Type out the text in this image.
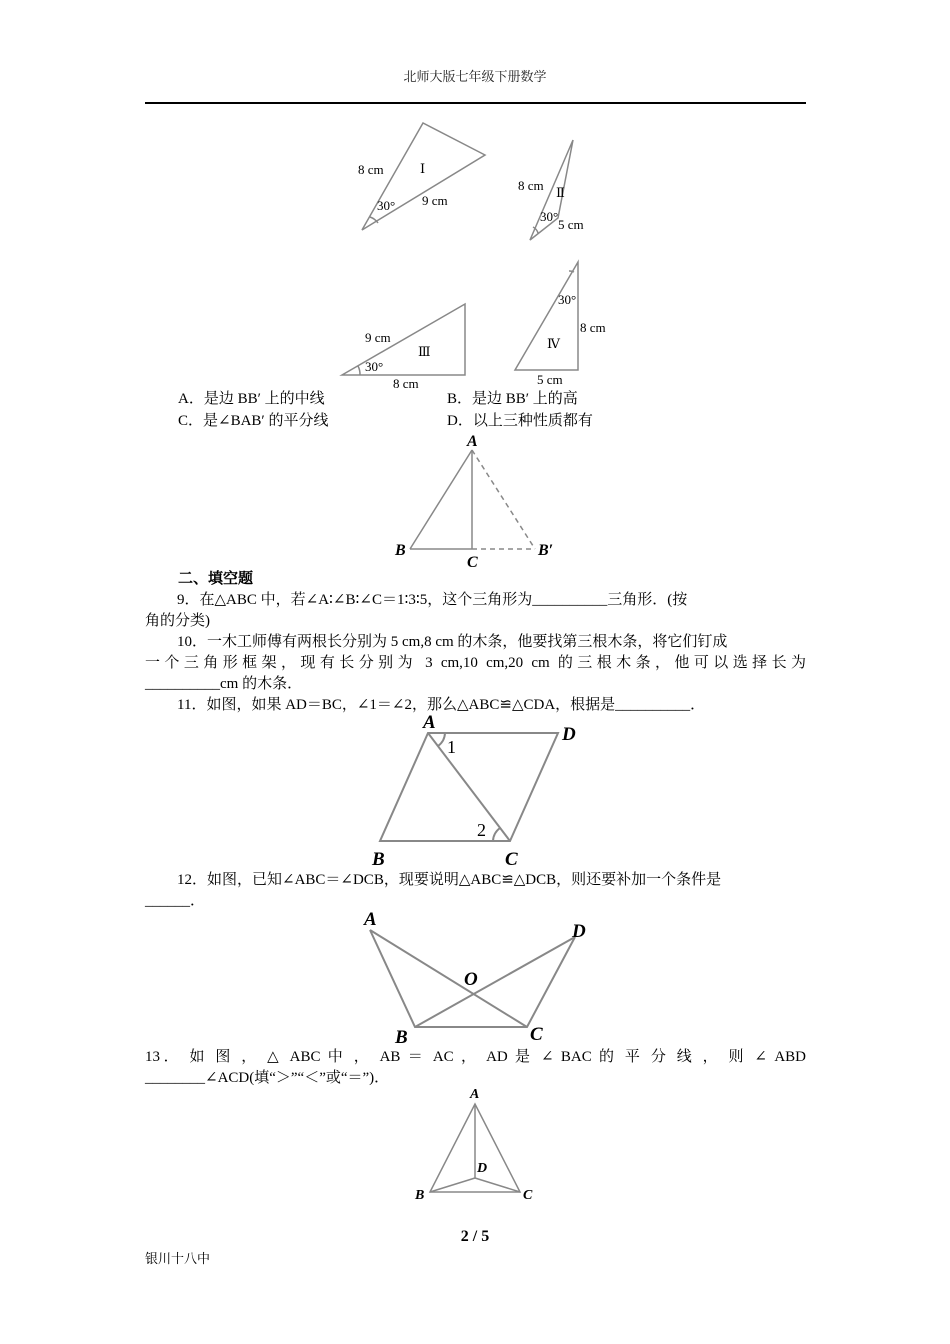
北师大版七年级下册数学
8 cm	Ⅰ
9 cm
30°
8 cm Ⅱ
30°
5 cm
9 cm
Ⅲ
30°
8 cm
30°
8 cm
Ⅳ
5 cm
A．是边 BB′ 上的中线	B．是边 BB′ 上的高
C．是∠BAB′ 的平分线	D．以上三种性质都有
A
B
C
B′
二、填空题
9．在△ABC 中，若∠A∶∠B∶∠C＝1∶3∶5，这个三角形为__________三角形．(按
角的分类)
10．一木工师傅有两根长分别为 5 cm,8 cm 的木条，他要找第三根木条，将它们钉成
一个三角形框架，现有长分别为 3 cm,10 cm,20 cm 的三根木条，他可以选择长为
__________cm 的木条．
11．如图，如果 AD＝BC，∠1＝∠2，那么△ABC≌△CDA，根据是__________．
A
D
B	C
1
2
12．如图，已知∠ABC＝∠DCB，现要说明△ABC≌△DCB，则还要补加一个条件是
______．
A
D
O
B	C
13． 如 图 ， △ ABC 中 ， AB ＝ AC ， AD 是 ∠ BAC 的 平 分 线 ， 则 ∠ ABD
________∠ACD(填“＞”“＜”或“＝”)．
A
D
B	C
2 / 5
银川十八中
